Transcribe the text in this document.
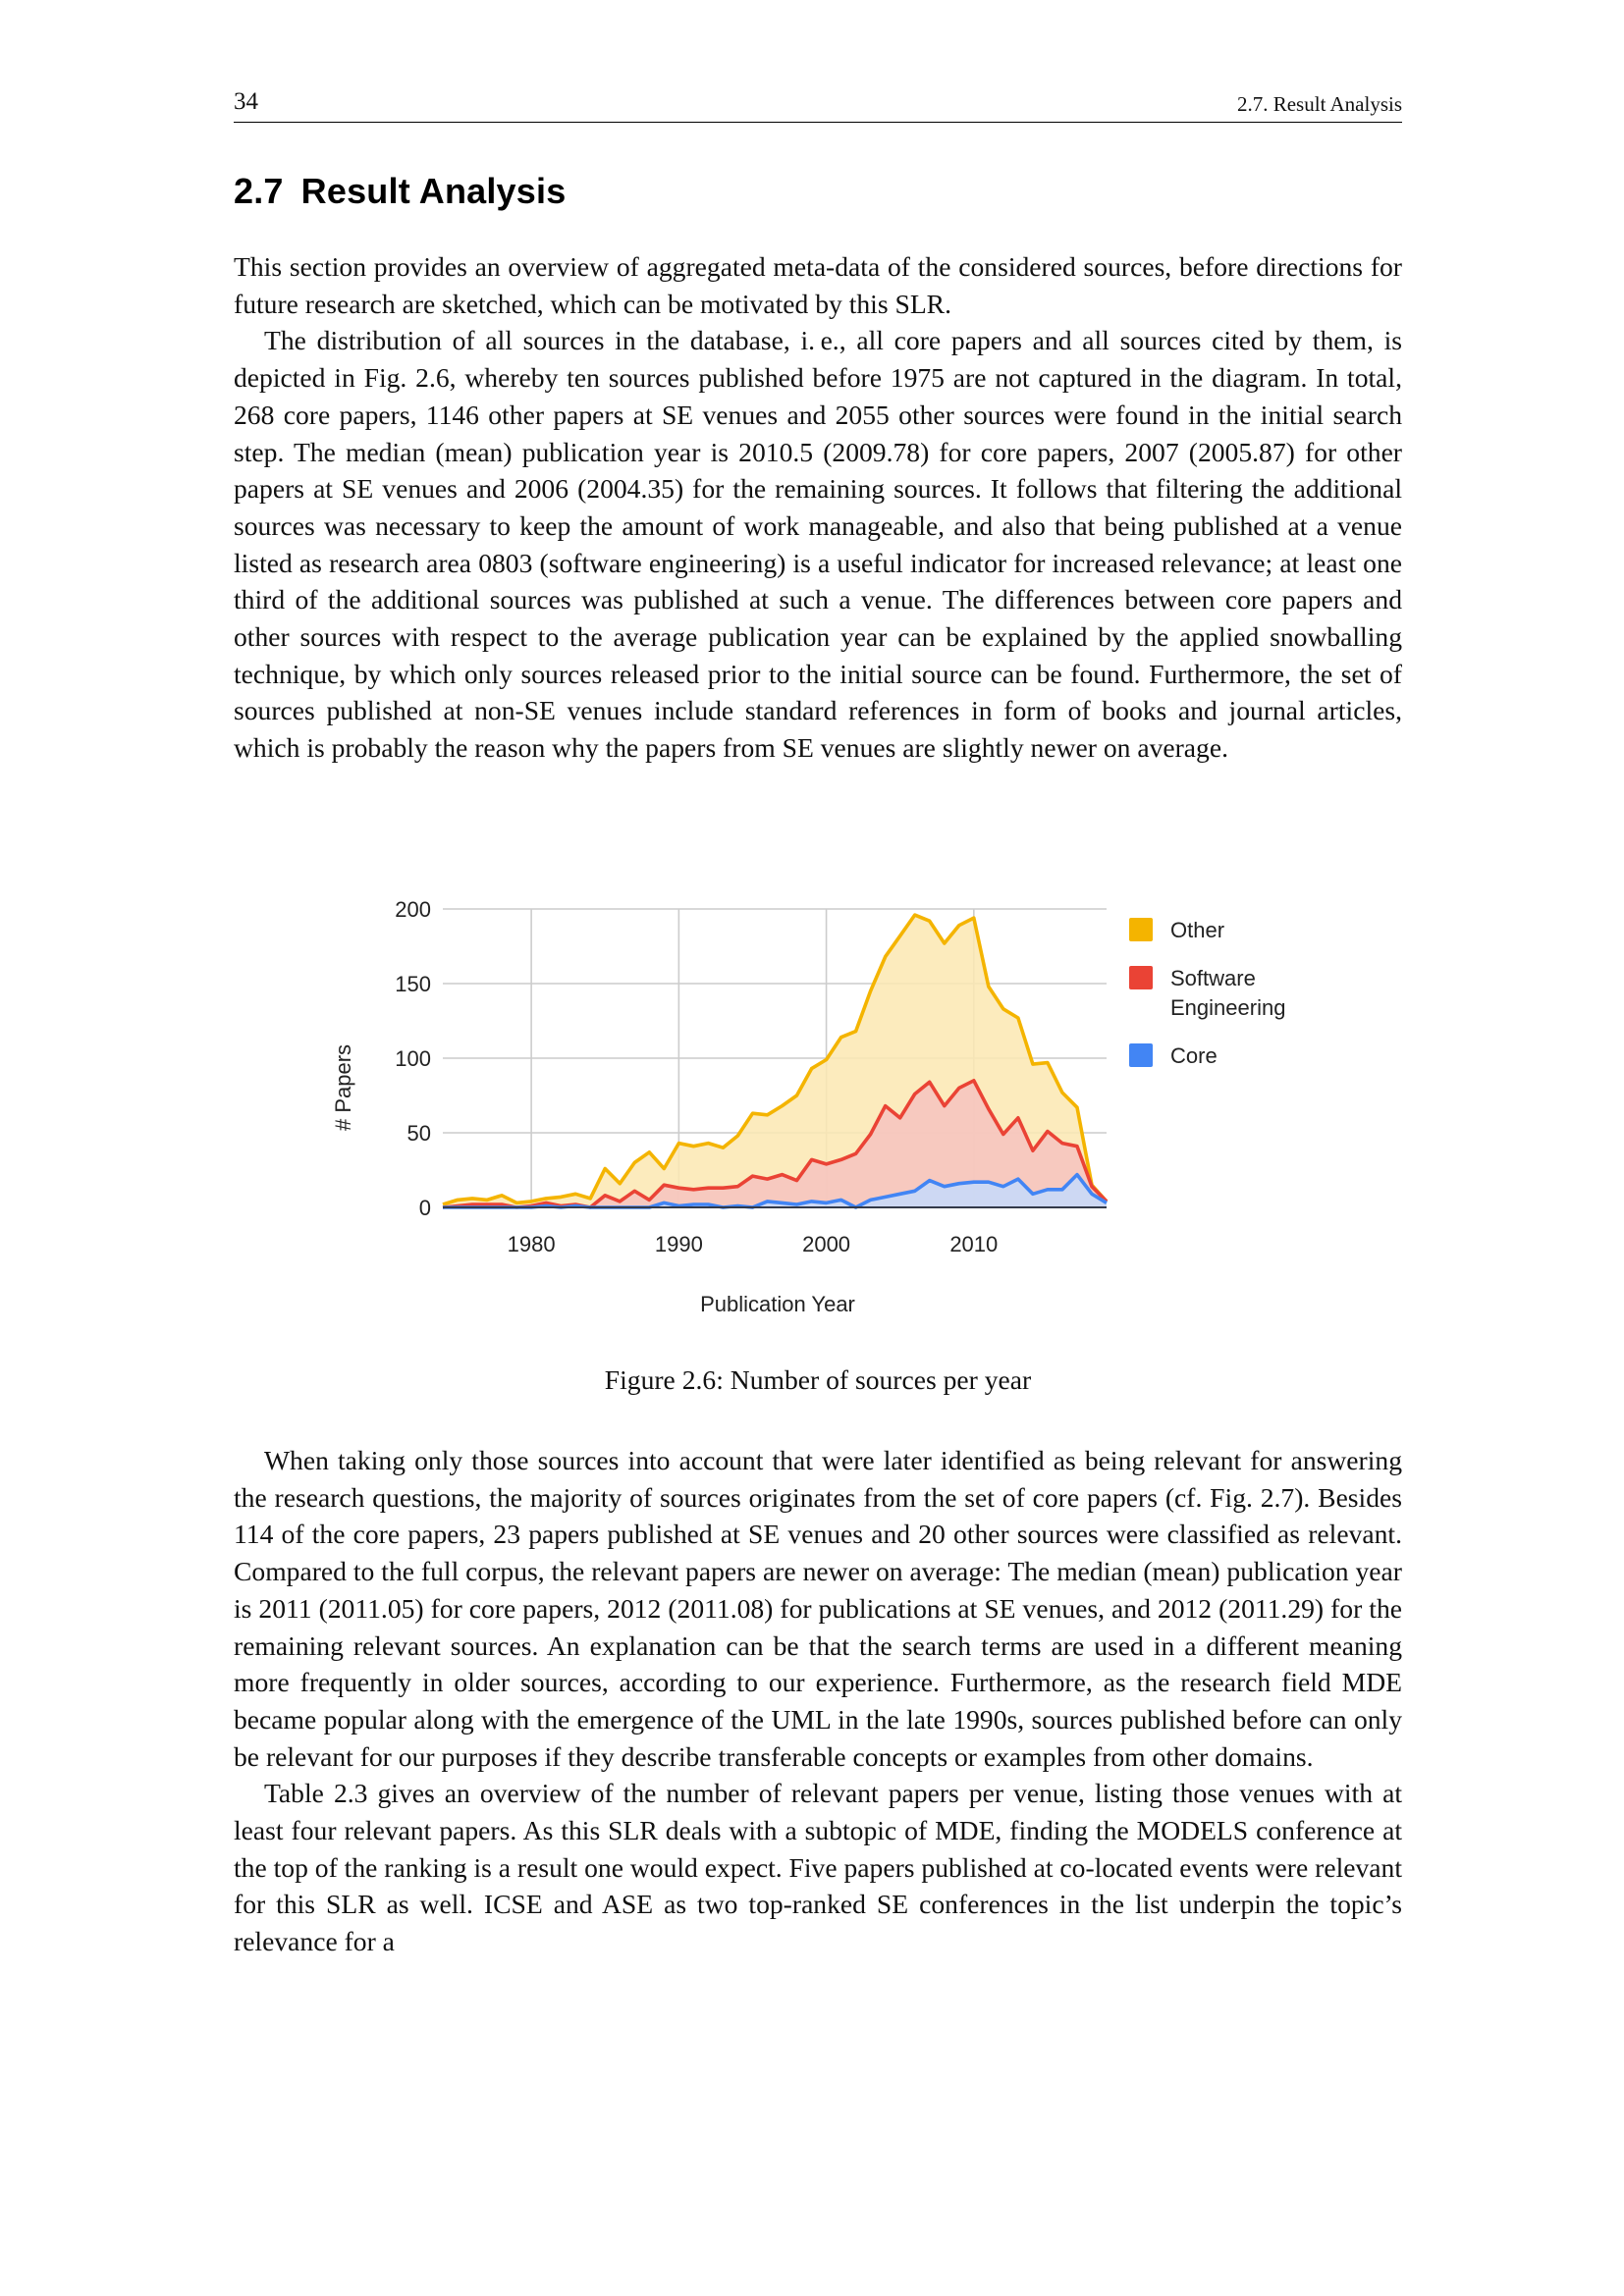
34	2.7. Result Analysis
2.7 Result Analysis

This section provides an overview of aggregated meta-data of the considered sources, before directions for future research are sketched, which can be motivated by this SLR.

The distribution of all sources in the database, i. e., all core papers and all sources cited by them, is depicted in Fig. 2.6, whereby ten sources published before 1975 are not captured in the diagram. In total, 268 core papers, 1146 other papers at SE venues and 2055 other sources were found in the initial search step. The median (mean) publication year is 2010.5 (2009.78) for core papers, 2007 (2005.87) for other papers at SE venues and 2006 (2004.35) for the remaining sources. It follows that filtering the additional sources was necessary to keep the amount of work manageable, and also that being published at a venue listed as research area 0803 (software engineering) is a useful indicator for increased relevance; at least one third of the additional sources was published at such a venue. The differences between core papers and other sources with respect to the average publication year can be explained by the applied snowballing technique, by which only sources released prior to the initial source can be found. Furthermore, the set of sources published at non-SE venues include standard references in form of books and journal articles, which is probably the reason why the papers from SE venues are slightly newer on average.

0
50
100
150
200
1980	1990	2000	2010
# Papers
Publication Year
Other
Software Engineering
Core
Figure 2.6: Number of sources per year

When taking only those sources into account that were later identified as being relevant for answering the research questions, the majority of sources originates from the set of core papers (cf. Fig. 2.7). Besides 114 of the core papers, 23 papers published at SE venues and 20 other sources were classified as relevant. Compared to the full corpus, the relevant papers are newer on average: The median (mean) publication year is 2011 (2011.05) for core papers, 2012 (2011.08) for publications at SE venues, and 2012 (2011.29) for the remaining relevant sources. An explanation can be that the search terms are used in a different meaning more frequently in older sources, according to our experience. Furthermore, as the research field MDE became popular along with the emergence of the UML in the late 1990s, sources published before can only be relevant for our purposes if they describe transferable concepts or examples from other domains.

Table 2.3 gives an overview of the number of relevant papers per venue, listing those venues with at least four relevant papers. As this SLR deals with a subtopic of MDE, finding the MODELS conference at the top of the ranking is a result one would expect. Five papers published at co-located events were relevant for this SLR as well. ICSE and ASE as two top-ranked SE conferences in the list underpin the topic’s relevance for a
